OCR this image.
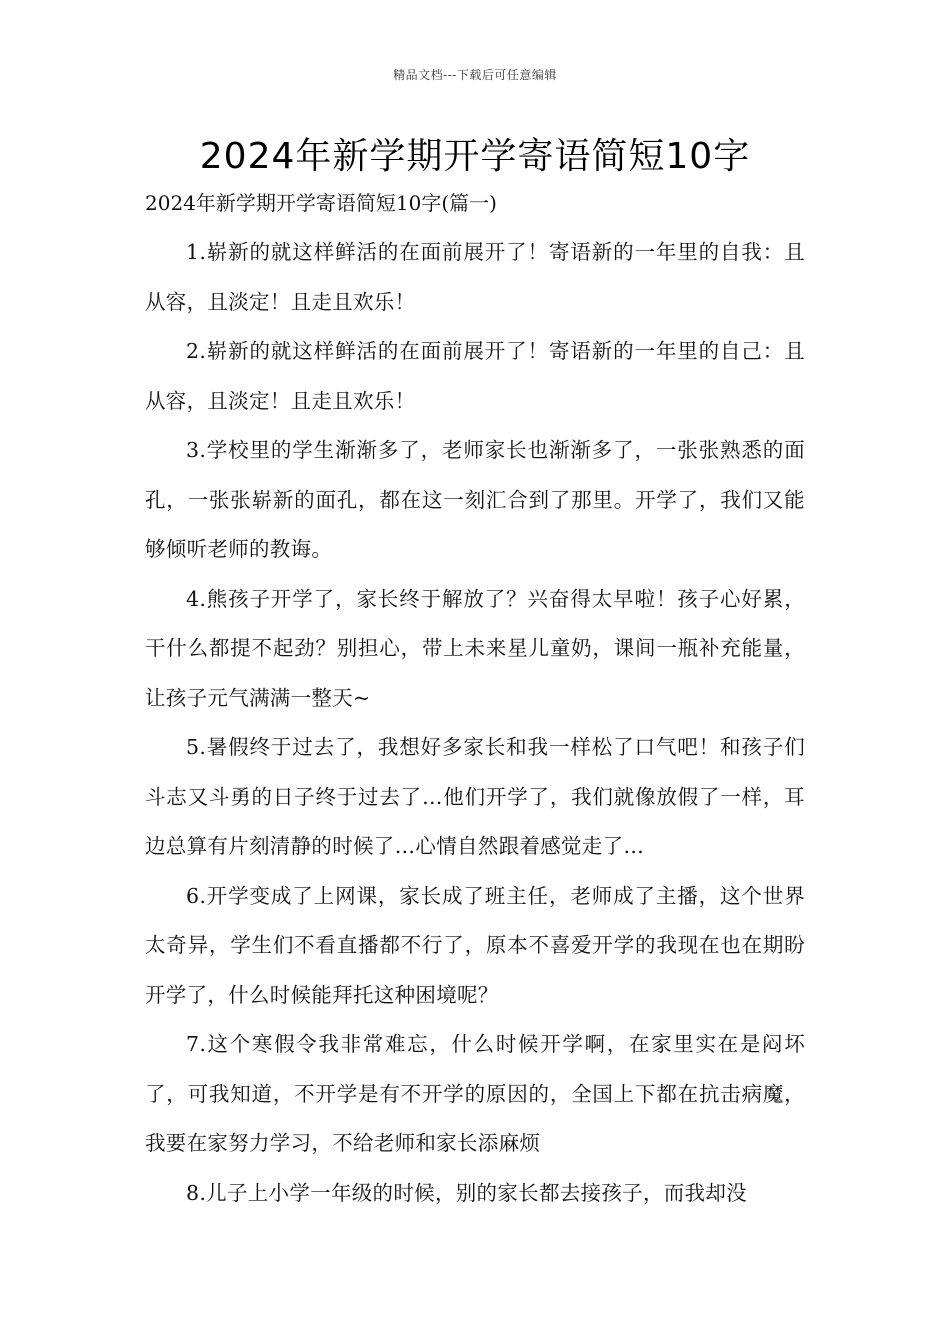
精品文档---下载后可任意编辑
2024年新学期开学寄语简短10字
2024年新学期开学寄语简短10字(篇一)

1.崭新的就这样鲜活的在面前展开了！寄语新的一年里的自我：且从容，且淡定！且走且欢乐！

2.崭新的就这样鲜活的在面前展开了！寄语新的一年里的自己：且从容，且淡定！且走且欢乐！

3.学校里的学生渐渐多了，老师家长也渐渐多了，一张张熟悉的面孔，一张张崭新的面孔，都在这一刻汇合到了那里。开学了，我们又能够倾听老师的教诲。

4.熊孩子开学了，家长终于解放了？兴奋得太早啦！孩子心好累，干什么都提不起劲？别担心，带上未来星儿童奶，课间一瓶补充能量，让孩子元气满满一整天~

5.暑假终于过去了，我想好多家长和我一样松了口气吧！和孩子们斗志又斗勇的日子终于过去了…他们开学了，我们就像放假了一样，耳边总算有片刻清静的时候了…心情自然跟着感觉走了…

6.开学变成了上网课，家长成了班主任，老师成了主播，这个世界太奇异，学生们不看直播都不行了，原本不喜爱开学的我现在也在期盼开学了，什么时候能拜托这种困境呢？

7.这个寒假令我非常难忘，什么时候开学啊，在家里实在是闷坏了，可我知道，不开学是有不开学的原因的，全国上下都在抗击病魔，我要在家努力学习，不给老师和家长添麻烦

8.儿子上小学一年级的时候，别的家长都去接孩子，而我却没
